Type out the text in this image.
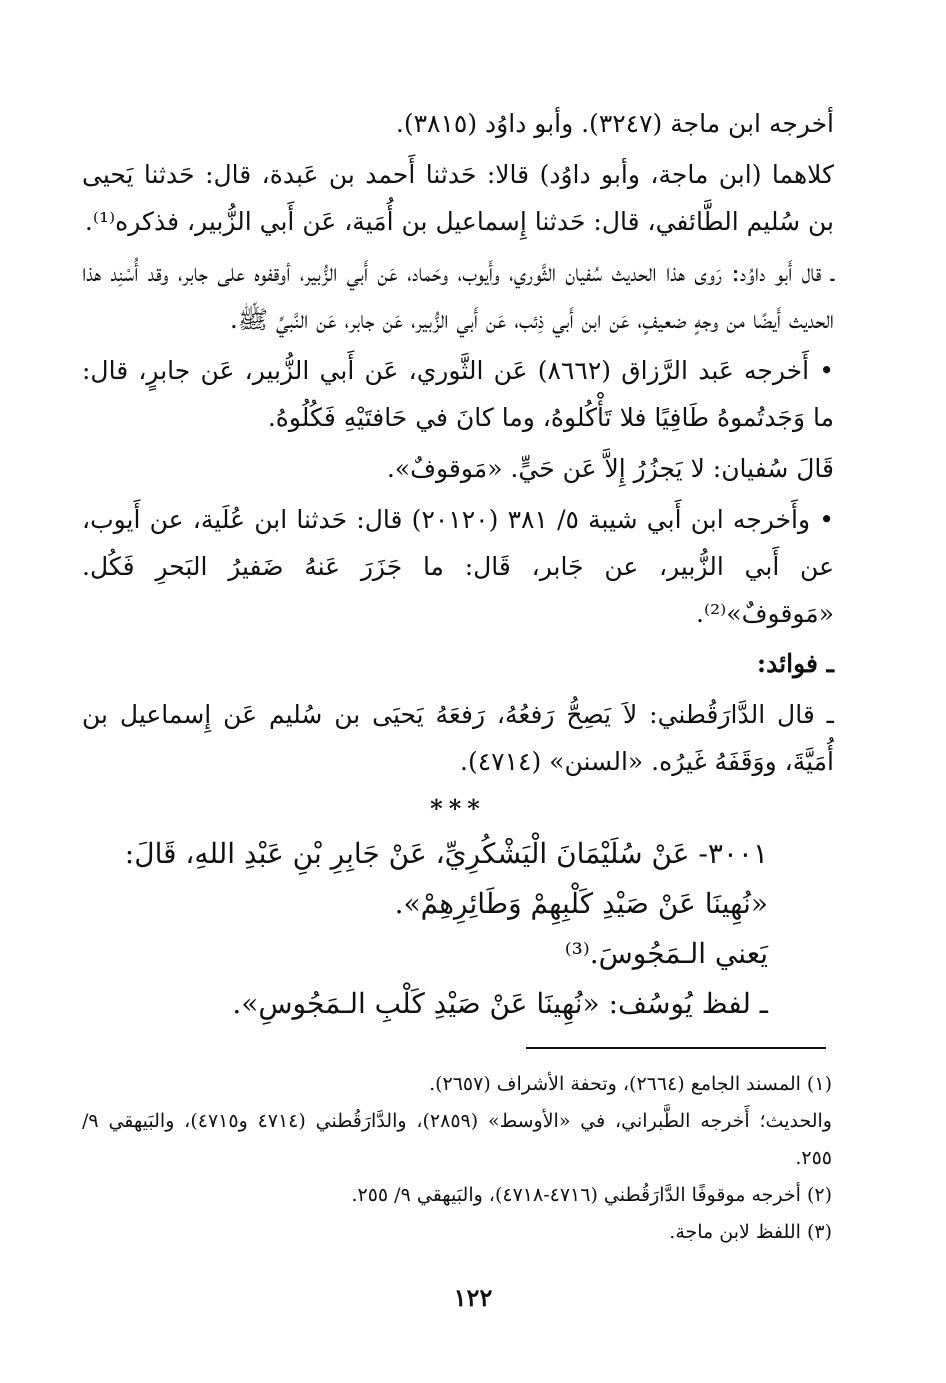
أخرجه ابن ماجة (٣٢٤٧). وأبو داوُد (٣٨١٥).

كلاهما (ابن ماجة، وأبو داوُد) قالا: حَدثنا أَحمد بن عَبدة، قال: حَدثنا يَحيى بن سُليم الطَّائفي، قال: حَدثنا إِسماعيل بن أُمَية، عَن أَبي الزُّبير، فذكره⁽¹⁾.

ـ قال أَبو داوُد: رَوى هذا الحديث سُفيان الثَّوري، وأَيوب، وحَماد، عَن أَبي الزُّبير، أوقفوه على جابر، وقد أُسْنِد هذا الحديث أَيضًا من وجهٍ ضعيفٍ، عَن ابن أَبي ذِئب، عَن أَبي الزُّبير، عَن جابر، عَن النَّبيِّ ﷺ.

• أَخرجه عَبد الرَّزاق (٨٦٦٢) عَن الثَّوري، عَن أَبي الزُّبير، عَن جابرٍ، قال: ما وَجَدتُموهُ طَافِيًا فلا تَأْكُلوهُ، وما كانَ في حَافتَيْهِ فَكُلُوهُ.

قَالَ سُفيان: لا يَجزُرُ إِلاَّ عَن حَيٍّ. «مَوقوفٌ».

• وأَخرجه ابن أَبي شيبة ٥/ ٣٨١ (٢٠١٢٠) قال: حَدثنا ابن عُلَية، عن أَيوب، عن أَبي الزُّبير، عن جَابر، قَال: ما جَزَرَ عَنهُ ضَفيرُ البَحرِ فَكُل. «مَوقوفٌ»⁽²⁾.

ـ فوائد:

ـ قال الدَّارَقُطني: لاَ يَصِحُّ رَفعُهُ، رَفعَهُ يَحيَى بن سُليم عَن إِسماعيل بن أُمَيَّةَ، ووَقَفَهُ غَيرُه. «السنن» (٤٧١٤).

***

٣٠٠١- عَنْ سُلَيْمَانَ الْيَشْكُرِيِّ، عَنْ جَابِرِ بْنِ عَبْدِ اللهِ، قَالَ:

«نُهِينَا عَنْ صَيْدِ كَلْبِهِمْ وَطَائِرِهِمْ».

يَعني الـمَجُوسَ.⁽³⁾

ـ لفظ يُوسُف: «نُهِينَا عَنْ صَيْدِ كَلْبِ الـمَجُوسِ».

(١) المسند الجامع (٢٦٦٤)، وتحفة الأشراف (٢٦٥٧).

والحديث؛ أَخرجه الطَّبراني، في «الأوسط» (٢٨٥٩)، والدَّارَقُطني (٤٧١٤ و٤٧١٥)، والبَيهقي ٩/ ٢٥٥.

(٢) أخرجه موقوفًا الدَّارَقُطني (٤٧١٦-٤٧١٨)، والبَيهقي ٩/ ٢٥٥.

(٣) اللفظ لابن ماجة.

١٢٢
